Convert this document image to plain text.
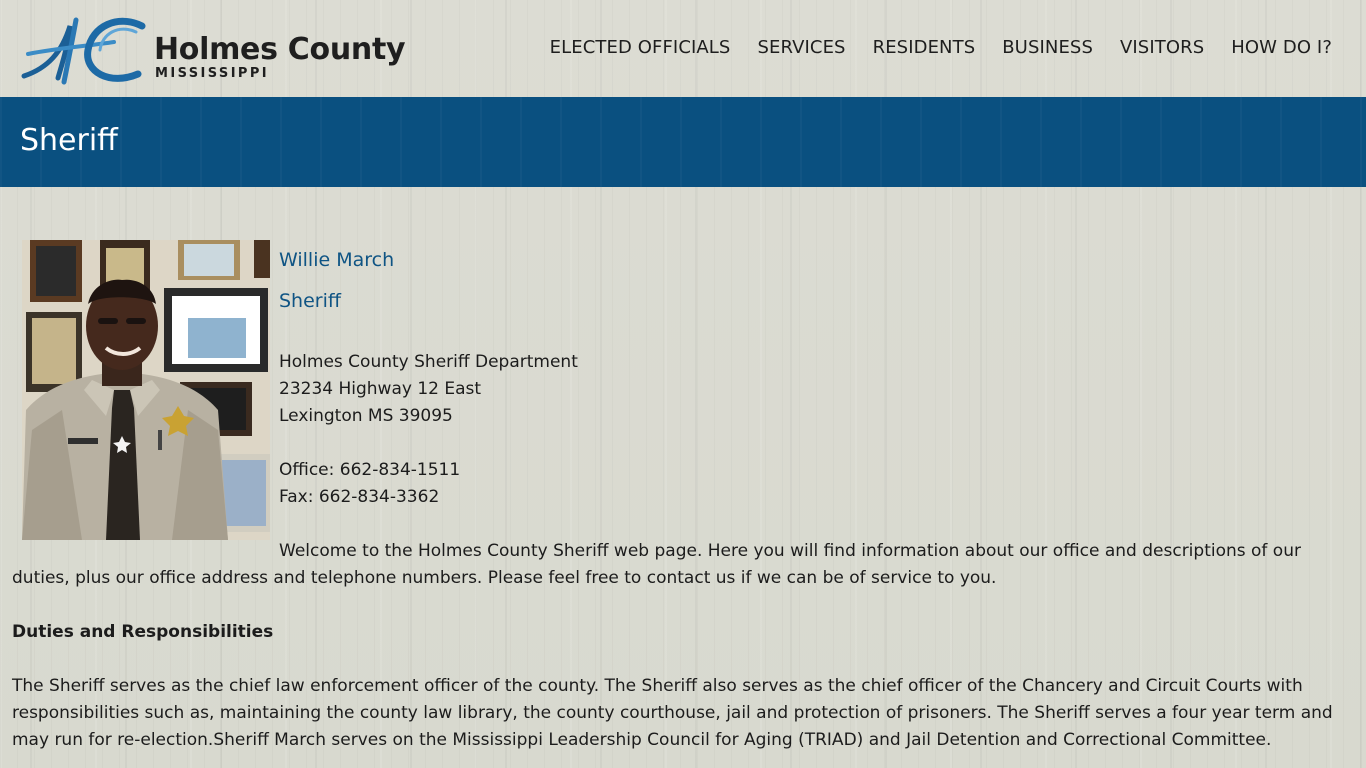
Holmes County
MISSISSIPPI
ELECTED OFFICIALS SERVICES RESIDENTS BUSINESS VISITORS HOW DO I?
Sheriff
Willie March
Sheriff
Holmes County Sheriff Department
23234 Highway 12 East
Lexington MS 39095
Office: 662-834-1511
Fax: 662-834-3362

Welcome to the Holmes County Sheriff web page. Here you will find information about our office and descriptions of our duties, plus our office address and telephone numbers. Please feel free to contact us if we can be of service to you.

Duties and Responsibilities

The Sheriff serves as the chief law enforcement officer of the county. The Sheriff also serves as the chief officer of the Chancery and Circuit Courts with responsibilities such as, maintaining the county law library, the county courthouse, jail and protection of prisoners. The Sheriff serves a four year term and may run for re-election.Sheriff March serves on the Mississippi Leadership Council for Aging (TRIAD) and Jail Detention and Correctional Committee.
